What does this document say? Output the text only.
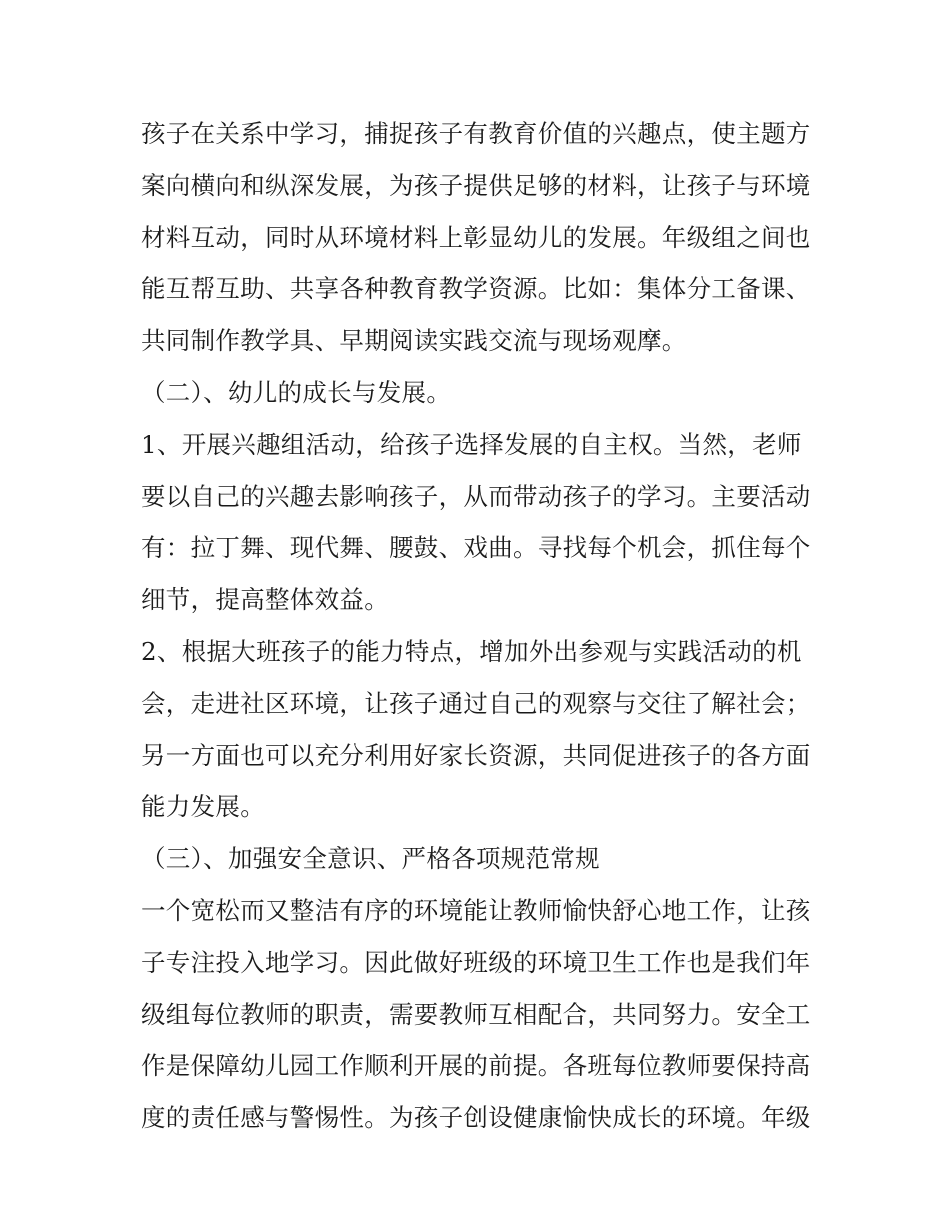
孩子在关系中学习，捕捉孩子有教育价值的兴趣点，使主题方
案向横向和纵深发展，为孩子提供足够的材料，让孩子与环境
材料互动，同时从环境材料上彰显幼儿的发展。年级组之间也
能互帮互助、共享各种教育教学资源。比如：集体分工备课、
共同制作教学具、早期阅读实践交流与现场观摩。
（二）、幼儿的成长与发展。
1、开展兴趣组活动，给孩子选择发展的自主权。当然，老师
要以自己的兴趣去影响孩子，从而带动孩子的学习。主要活动
有：拉丁舞、现代舞、腰鼓、戏曲。寻找每个机会，抓住每个
细节，提高整体效益。
2、根据大班孩子的能力特点，增加外出参观与实践活动的机
会，走进社区环境，让孩子通过自己的观察与交往了解社会；
另一方面也可以充分利用好家长资源，共同促进孩子的各方面
能力发展。
（三）、加强安全意识、严格各项规范常规
一个宽松而又整洁有序的环境能让教师愉快舒心地工作，让孩
子专注投入地学习。因此做好班级的环境卫生工作也是我们年
级组每位教师的职责，需要教师互相配合，共同努力。安全工
作是保障幼儿园工作顺利开展的前提。各班每位教师要保持高
度的责任感与警惕性。为孩子创设健康愉快成长的环境。年级
